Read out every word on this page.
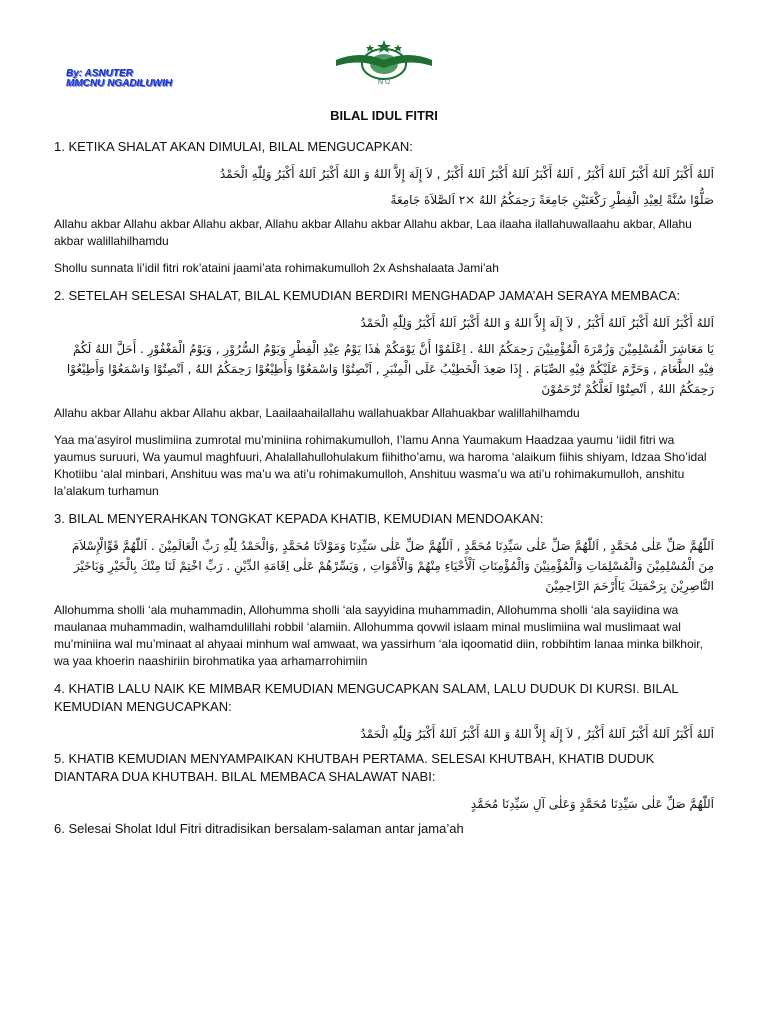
By: ASNUTER
MMCNU NGADILUWIH	N U
BILAL IDUL FITRI

1. KETIKA SHALAT AKAN DIMULAI, BILAL MENGUCAPKAN:

اَللهُ أَكْبَرُ اَللهُ أَكْبَرُ اَللهُ أَكْبَرُ , اَللهُ أَكْبَرُ اَللهُ أَكْبَرُ اَللهُ أَكْبَرُ , لاَ إِلَهَ إِلاَّ اللهُ وَ اللهُ أَكْبَرُ اَللهُ أَكْبَرُ وَلِلّٰهِ الْحَمْدُ

صَلُّوْا سُنَّةً لِعِيْدِ الْفِطْرِ رَكْعَتَيْنِ جَامِعَةً رَحِمَكُمُ اللهُ ×٢ اَلصَّلاَةَ جَامِعَةً

Allahu akbar Allahu akbar Allahu akbar, Allahu akbar Allahu akbar Allahu akbar, Laa ilaaha ilallahuwallaahu akbar, Allahu akbar walillahilhamdu

Shollu sunnata li’idil fitri rok’ataini jaami’ata rohimakumulloh 2x Ashshalaata Jami’ah

2. SETELAH SELESAI SHALAT, BILAL KEMUDIAN BERDIRI MENGHADAP JAMA’AH SERAYA MEMBACA:

اَللهُ أَكْبَرُ اَللهُ أَكْبَرُ اَللهُ أَكْبَرُ , لاَ إِلَهَ إِلاَّ اللهُ وَ اللهُ أَكْبَرُ اَللهُ أَكْبَرُ وَلِلّٰهِ الْحَمْدُ

يَا مَعَاشِرَ الْمُسْلِمِيْنَ وَزُمْرَةَ الْمُؤْمِنِيْنَ رَحِمَكُمُ اللهُ . اِعْلَمُوْا أَنَّ يَوْمَكُمْ هٰذَا يَوْمُ عِيْدِ الْفِطْرِ وَيَوْمُ السُّرُوْرِ , وَيَوْمُ الْمَغْفُوْرِ . أَحَلَّ اللهُ لَكُمْ فِيْهِ الطَّعَامَ , وَحَرَّمَ عَلَيْكُمْ فِيْهِ الصِّيَامَ . إِذَا صَعِدَ الْخَطِيْبُ عَلَى الْمِنْبَرِ , اَنْصِتُوْا وَاسْمَعُوْا وَأَطِيْعُوْا رَحِمَكُمُ اللهُ , اَنْصِتُوْا وَاسْمَعُوْا وَأَطِيْعُوْا رَحِمَكُمُ اللهُ , اَنْصِتُوْا لَعَلَّكُمْ تُرْحَمُوْنَ

Allahu akbar Allahu akbar Allahu akbar, Laailaahailallahu wallahuakbar Allahuakbar walillahilhamdu

Yaa ma’asyirol muslimiina zumrotal mu’miniina rohimakumulloh, I’lamu Anna Yaumakum Haadzaa yaumu ‘iidil fitri wa yaumus suruuri, Wa yaumul maghfuuri, Ahalallahullohulakum fiihitho’amu, wa haroma ‘alaikum fiihis shiyam, Idzaa Sho’idal Khotiibu ‘alal minbari, Anshituu was ma’u wa ati’u rohimakumulloh, Anshituu wasma’u wa ati’u rohimakumulloh, anshitu la’alakum turhamun

3. BILAL MENYERAHKAN TONGKAT KEPADA KHATIB, KEMUDIAN MENDOAKAN:

اَللّٰهُمَّ صَلِّ عَلٰى مُحَمَّدٍ , اَللّٰهُمَّ صَلِّ عَلٰى سَيِّدِنَا مُحَمَّدٍ , اَللّٰهُمَّ صَلِّ عَلٰى سَيِّدِنَا وَمَوْلاَنَا مُحَمَّدٍ ,وَالْحَمْدُ لِلّٰهِ رَبِّ الْعَالَمِيْنَ . اَللّٰهُمَّ قَوِّالْإِسْلاَمَ مِنَ الْمُسْلِمِيْنَ وَالْمُسْلِمَاتِ وَالْمُؤْمِنِيْنَ وَالْمُؤْمِنَاتِ اَلْأَحْيَاءِ مِنْهُمْ وَالْأَمْوَاتِ , وَيَسِّرْهُمْ عَلٰى اِقَامَةِ الدِّيْنِ . رَبِّ اخْتِمْ لَنَا مِنْكَ بِالْخَيْرِ وَيَاخَيْرَ النَّاصِرِيْنَ بِرَحْمَتِكَ يَاأَرْحَمَ الرَّاحِمِيْنَ

Allohumma sholli ‘ala muhammadin, Allohumma sholli ‘ala sayyidina muhammadin, Allohumma sholli ‘ala sayiidina wa maulanaa muhammadin, walhamdulillahi robbil ‘alamiin. Allohumma qovwil islaam minal muslimiina wal muslimaat wal mu’miniina wal mu’minaat al ahyaai minhum wal amwaat, wa yassirhum ‘ala iqoomatid diin, robbihtim lanaa minka bilkhoir, wa yaa khoerin naashiriin birohmatika yaa arhamarrohimiin

4. KHATIB LALU NAIK KE MIMBAR KEMUDIAN MENGUCAPKAN SALAM, LALU DUDUK DI KURSI. BILAL KEMUDIAN MENGUCAPKAN:

اَللهُ أَكْبَرُ اَللهُ أَكْبَرُ اَللهُ أَكْبَرُ , لاَ إِلَهَ إِلاَّ اللهُ وَ اللهُ أَكْبَرُ اَللهُ أَكْبَرُ وَلِلّٰهِ الْحَمْدُ

5. KHATIB KEMUDIAN MENYAMPAIKAN KHUTBAH PERTAMA. SELESAI KHUTBAH, KHATIB DUDUK DIANTARA DUA KHUTBAH. BILAL MEMBACA SHALAWAT NABI:

اَللّٰهُمَّ صَلِّ عَلٰى سَيِّدِنَا مُحَمَّدٍ وَعَلٰى آلِ سَيِّدِنَا مُحَمَّدٍ

6. Selesai Sholat Idul Fitri ditradisikan bersalam-salaman antar jama’ah
